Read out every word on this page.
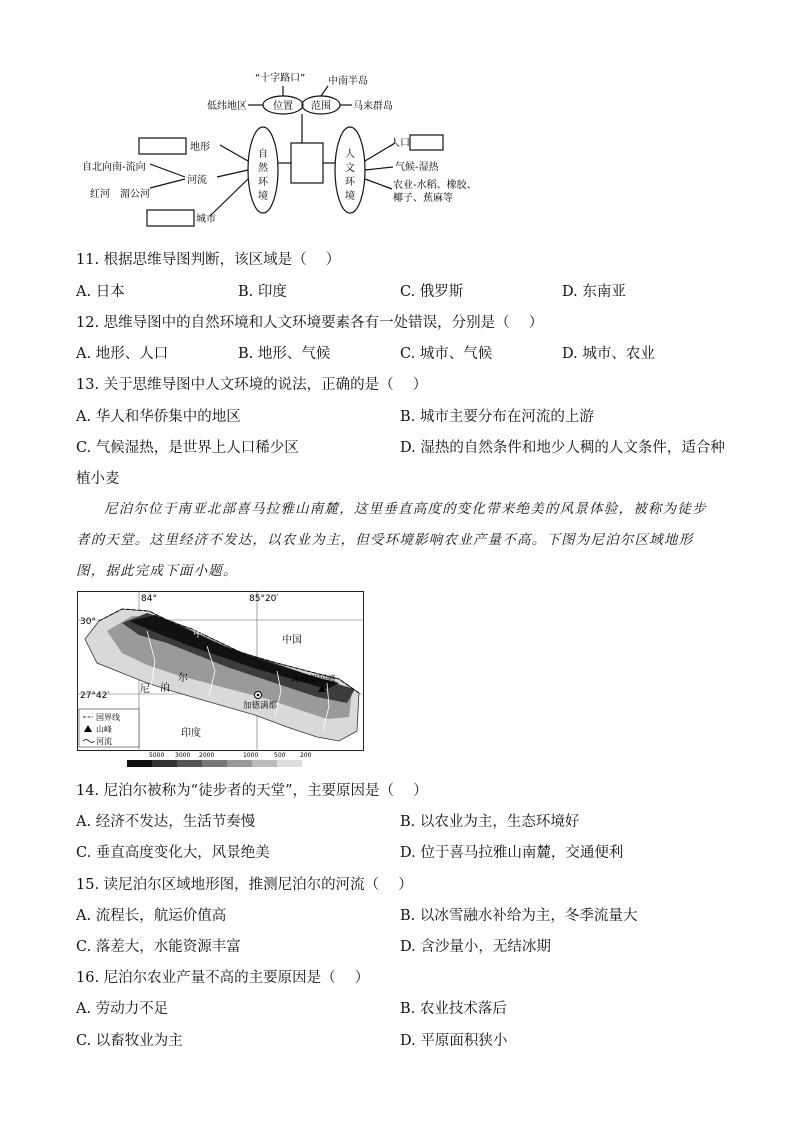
“十字路口” 中南半岛
低纬地区	位置 范围 马来群岛
自
然
环
境
人
文
环
境
地形
自北向南-流向
河流
红河 湄公河
城市
人口
气候-湿热
农业-水稻、橡胶、
椰子、蕉麻等
11. 根据思维导图判断，该区域是（　 ）
A. 日本	B. 印度	C. 俄罗斯	D. 东南亚
12. 思维导图中的自然环境和人文环境要素各有一处错误，分别是（　 ）
A. 地形、人口	B. 地形、气候	C. 城市、气候	D. 城市、农业
13. 关于思维导图中人文环境的说法，正确的是（　 ）
A. 华人和华侨集中的地区	B. 城市主要分布在河流的上游
C. 气候湿热，是世界上人口稀少区	D. 湿热的自然条件和地少人稠的人文条件，适合种
植小麦
尼泊尔位于南亚北部喜马拉雅山南麓，这里垂直高度的变化带来绝美的风景体验，被称为徒步者的天堂。这里经济不发达，以农业为主，但受环境影响农业产量不高。下图为尼泊尔区域地形图，据此完成下面小题。
84°	85°20′
30°
27°42′
中国
甲
尼 泊
尔	珠穆朗玛峰
加德满都
印度
国界线
山峰
河流
5000 3000 2000	1000	500 200
14. 尼泊尔被称为“徒步者的天堂”，主要原因是（　 ）
A. 经济不发达，生活节奏慢	B. 以农业为主，生态环境好
C. 垂直高度变化大，风景绝美	D. 位于喜马拉雅山南麓，交通便利
15. 读尼泊尔区域地形图，推测尼泊尔的河流（　 ）
A. 流程长，航运价值高	B. 以冰雪融水补给为主，冬季流量大
C. 落差大，水能资源丰富	D. 含沙量小，无结冰期
16. 尼泊尔农业产量不高的主要原因是（　 ）
A. 劳动力不足	B. 农业技术落后
C. 以畜牧业为主	D. 平原面积狭小
